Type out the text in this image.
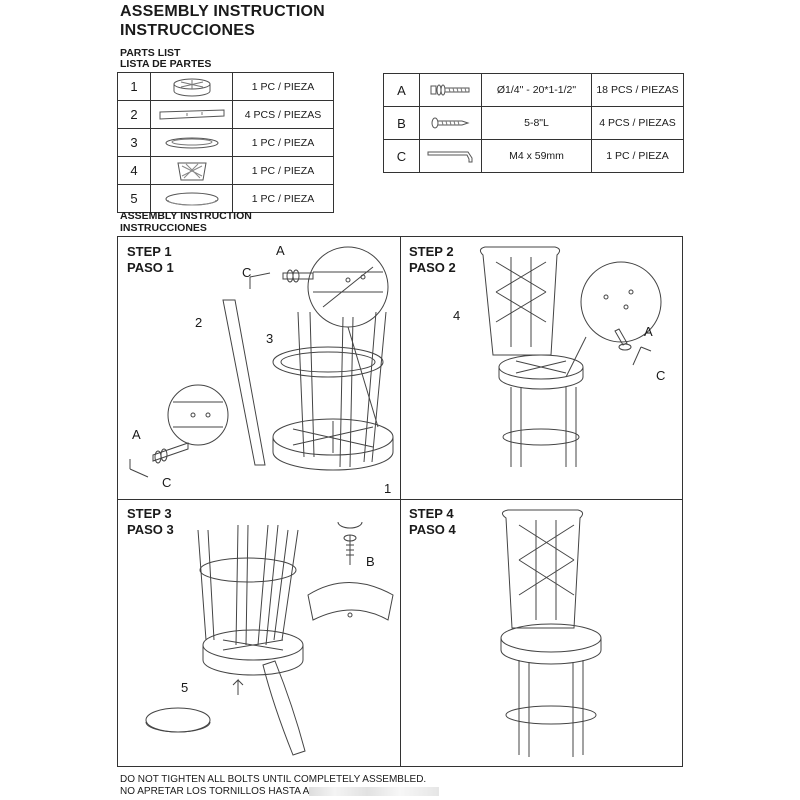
ASSEMBLY INSTRUCTION
INSTRUCCIONES
PARTS LIST
LISTA DE PARTES
1		1 PC / PIEZA
2		4 PCS / PIEZAS
3		1 PC / PIEZA
4		1 PC / PIEZA
5		1 PC / PIEZA
A		Ø1/4" - 20*1-1/2"	18 PCS / PIEZAS
B		5-8"L	4 PCS / PIEZAS
C		M4 x 59mm	1 PC / PIEZA
ASSEMBLY INSTRUCTION
INSTRUCCIONES
STEP 1
PASO 1
A
C
2
3
A
C	1
STEP 2
PASO 2
4
A
C
STEP 3
PASO 3
B
5
STEP 4
PASO 4
DO NOT TIGHTEN ALL BOLTS UNTIL COMPLETELY ASSEMBLED.
NO APRETAR LOS TORNILLOS HASTA A
